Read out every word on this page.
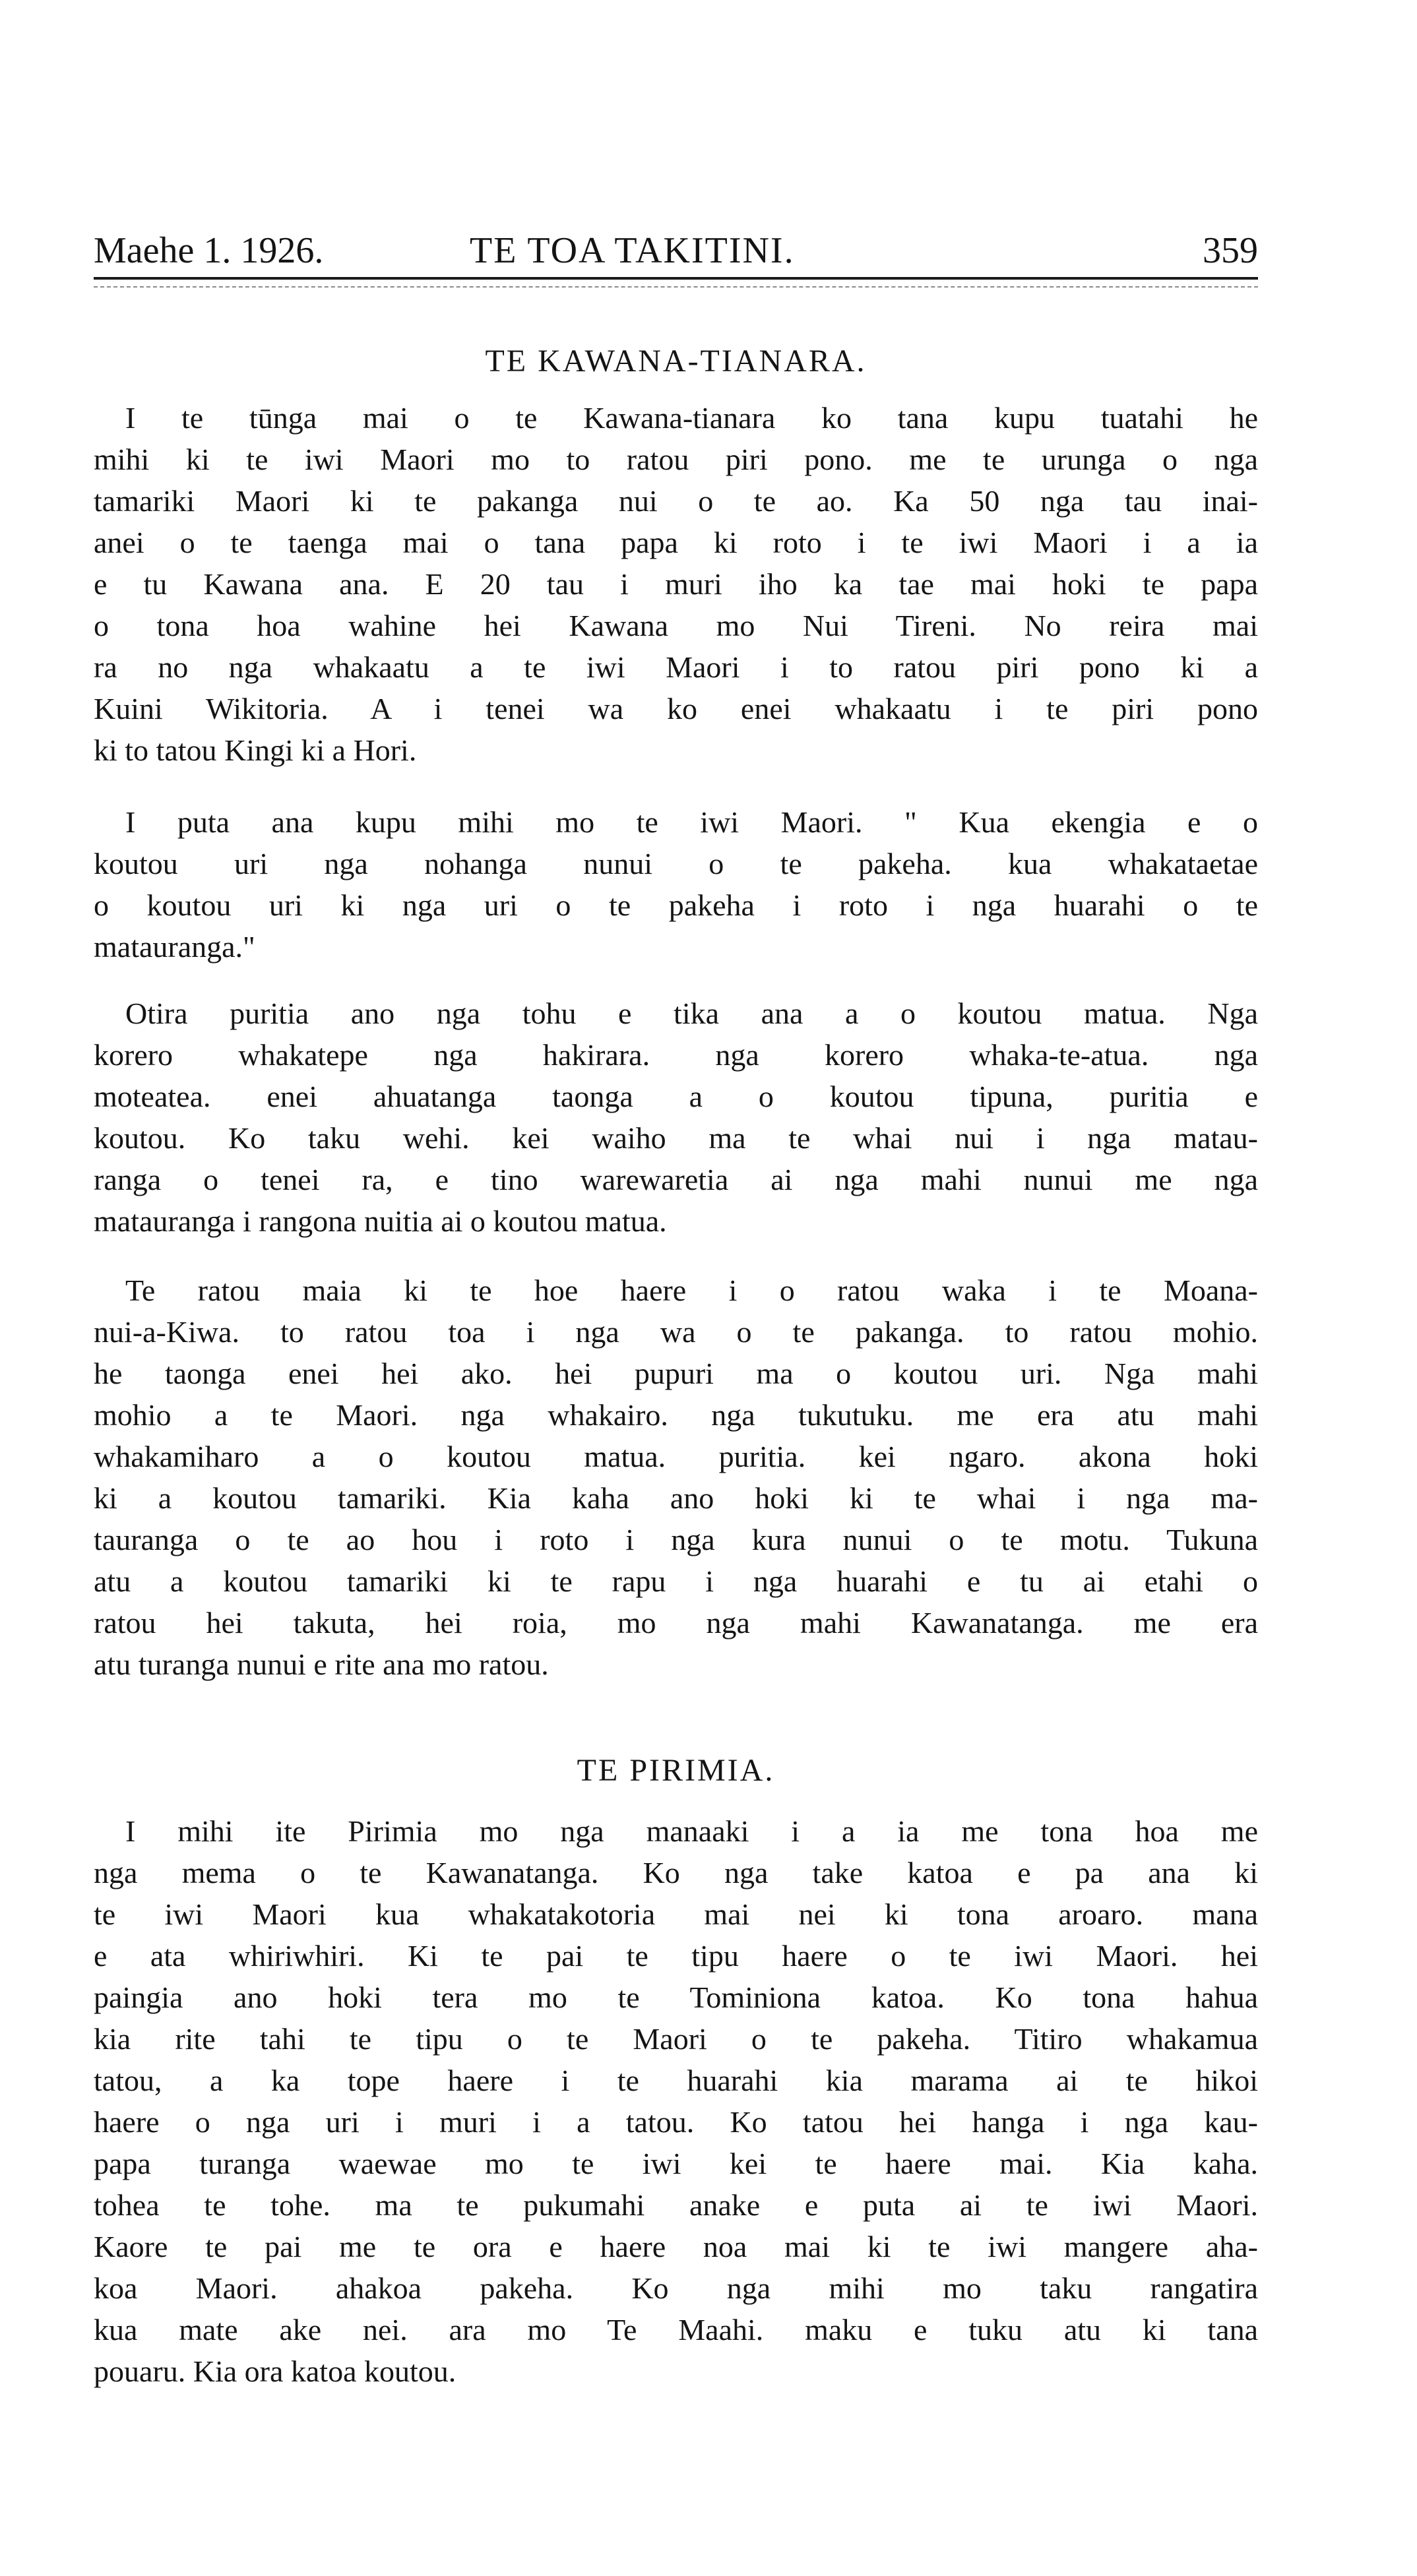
Maehe 1. 1926.	TE TOA TAKITINI.	359
TE KAWANA-TIANARA.
I te tūnga mai o te Kawana-tianara ko tana kupu tuatahi he
mihi ki te iwi Maori mo to ratou piri pono. me te urunga o nga
tamariki Maori ki te pakanga nui o te ao. Ka 50 nga tau inai-
anei o te taenga mai o tana papa ki roto i te iwi Maori i a ia
e tu Kawana ana. E 20 tau i muri iho ka tae mai hoki te papa
o tona hoa wahine hei Kawana mo Nui Tireni. No reira mai
ra no nga whakaatu a te iwi Maori i to ratou piri pono ki a
Kuini Wikitoria. A i tenei wa ko enei whakaatu i te piri pono
ki to tatou Kingi ki a Hori.
I puta ana kupu mihi mo te iwi Maori. " Kua ekengia e o
koutou uri nga nohanga nunui o te pakeha. kua whakataetae
o koutou uri ki nga uri o te pakeha i roto i nga huarahi o te
matauranga."
Otira puritia ano nga tohu e tika ana a o koutou matua. Nga
korero whakatepe nga hakirara. nga korero whaka-te-atua. nga
moteatea. enei ahuatanga taonga a o koutou tipuna, puritia e
koutou. Ko taku wehi. kei waiho ma te whai nui i nga matau-
ranga o tenei ra, e tino warewaretia ai nga mahi nunui me nga
matauranga i rangona nuitia ai o koutou matua.
Te ratou maia ki te hoe haere i o ratou waka i te Moana-
nui-a-Kiwa. to ratou toa i nga wa o te pakanga. to ratou mohio.
he taonga enei hei ako. hei pupuri ma o koutou uri. Nga mahi
mohio a te Maori. nga whakairo. nga tukutuku. me era atu mahi
whakamiharo a o koutou matua. puritia. kei ngaro. akona hoki
ki a koutou tamariki. Kia kaha ano hoki ki te whai i nga ma-
tauranga o te ao hou i roto i nga kura nunui o te motu. Tukuna
atu a koutou tamariki ki te rapu i nga huarahi e tu ai etahi o
ratou hei takuta, hei roia, mo nga mahi Kawanatanga. me era
atu turanga nunui e rite ana mo ratou.
TE PIRIMIA.
I mihi ite Pirimia mo nga manaaki i a ia me tona hoa me
nga mema o te Kawanatanga. Ko nga take katoa e pa ana ki
te iwi Maori kua whakatakotoria mai nei ki tona aroaro. mana
e ata whiriwhiri. Ki te pai te tipu haere o te iwi Maori. hei
paingia ano hoki tera mo te Tominiona katoa. Ko tona hahua
kia rite tahi te tipu o te Maori o te pakeha. Titiro whakamua
tatou, a ka tope haere i te huarahi kia marama ai te hikoi
haere o nga uri i muri i a tatou. Ko tatou hei hanga i nga kau-
papa turanga waewae mo te iwi kei te haere mai. Kia kaha.
tohea te tohe. ma te pukumahi anake e puta ai te iwi Maori.
Kaore te pai me te ora e haere noa mai ki te iwi mangere aha-
koa Maori. ahakoa pakeha. Ko nga mihi mo taku rangatira
kua mate ake nei. ara mo Te Maahi. maku e tuku atu ki tana
pouaru. Kia ora katoa koutou.
